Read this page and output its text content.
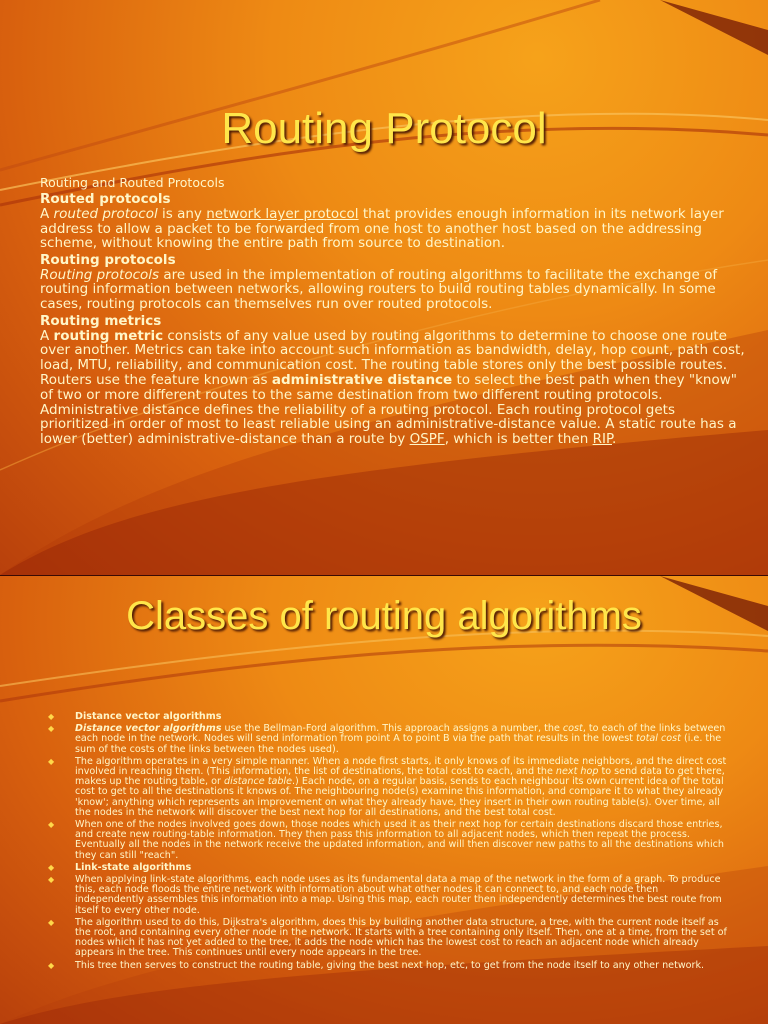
Routing Protocol

Routing and Routed Protocols

Routed protocols

A routed protocol is any network layer protocol that provides enough information in its network layer address to allow a packet to be forwarded from one host to another host based on the addressing scheme, without knowing the entire path from source to destination.

Routing protocols

Routing protocols are used in the implementation of routing algorithms to facilitate the exchange of routing information between networks, allowing routers to build routing tables dynamically. In some cases, routing protocols can themselves run over routed protocols.

Routing metrics

A routing metric consists of any value used by routing algorithms to determine to choose one route over another. Metrics can take into account such information as bandwidth, delay, hop count, path cost, load, MTU, reliability, and communication cost. The routing table stores only the best possible routes.

Routers use the feature known as administrative distance to select the best path when they "know" of two or more different routes to the same destination from two different routing protocols. Administrative distance defines the reliability of a routing protocol. Each routing protocol gets prioritized in order of most to least reliable using an administrative-distance value. A static route has a lower (better) administrative-distance than a route by OSPF, which is better then RIP.

Classes of routing algorithms
◆ Distance vector algorithms
◆ Distance vector algorithms use the Bellman-Ford algorithm. This approach assigns a number, the cost, to each of the links between each node in the network. Nodes will send information from point A to point B via the path that results in the lowest total cost (i.e. the sum of the costs of the links between the nodes used).
◆ The algorithm operates in a very simple manner. When a node first starts, it only knows of its immediate neighbors, and the direct cost involved in reaching them. (This information, the list of destinations, the total cost to each, and the next hop to send data to get there, makes up the routing table, or distance table.) Each node, on a regular basis, sends to each neighbour its own current idea of the total cost to get to all the destinations it knows of. The neighbouring node(s) examine this information, and compare it to what they already 'know'; anything which represents an improvement on what they already have, they insert in their own routing table(s). Over time, all the nodes in the network will discover the best next hop for all destinations, and the best total cost.
◆ When one of the nodes involved goes down, those nodes which used it as their next hop for certain destinations discard those entries, and create new routing-table information. They then pass this information to all adjacent nodes, which then repeat the process. Eventually all the nodes in the network receive the updated information, and will then discover new paths to all the destinations which they can still "reach".
◆ Link-state algorithms
◆ When applying link-state algorithms, each node uses as its fundamental data a map of the network in the form of a graph. To produce this, each node floods the entire network with information about what other nodes it can connect to, and each node then independently assembles this information into a map. Using this map, each router then independently determines the best route from itself to every other node.
◆ The algorithm used to do this, Dijkstra's algorithm, does this by building another data structure, a tree, with the current node itself as the root, and containing every other node in the network. It starts with a tree containing only itself. Then, one at a time, from the set of nodes which it has not yet added to the tree, it adds the node which has the lowest cost to reach an adjacent node which already appears in the tree. This continues until every node appears in the tree.
◆ This tree then serves to construct the routing table, giving the best next hop, etc, to get from the node itself to any other network.
